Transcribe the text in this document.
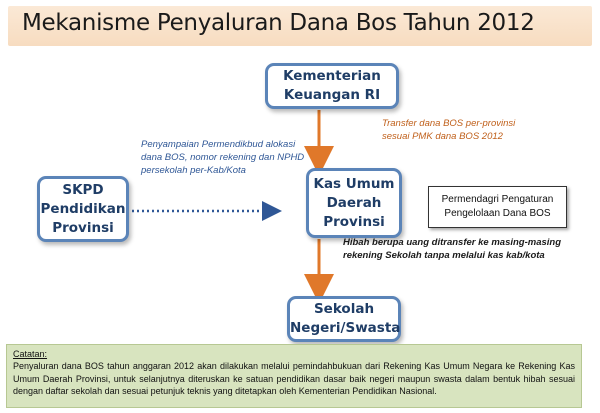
Mekanisme Penyaluran Dana Bos Tahun 2012
Kementerian
Keuangan RI
Kas Umum
Daerah
Provinsi
SKPD
Pendidikan
Provinsi
Sekolah
Negeri/Swasta
Transfer dana BOS per-provinsi
sesuai PMK dana BOS 2012
Penyampaian Permendikbud alokasi
dana BOS, nomor rekening dan NPHD
persekolah per-Kab/Kota
Hibah berupa uang ditransfer ke masing-masing
rekening Sekolah tanpa melalui kas kab/kota
Permendagri Pengaturan
Pengelolaan Dana BOS
Catatan:
Penyaluran dana BOS tahun anggaran 2012 akan dilakukan melalui pemindahbukuan dari Rekening Kas Umum Negara ke Rekening Kas Umum Daerah Provinsi, untuk selanjutnya diteruskan ke satuan pendidikan dasar baik negeri maupun swasta dalam bentuk hibah sesuai dengan daftar sekolah dan sesuai petunjuk teknis yang ditetapkan oleh Kementerian Pendidikan Nasional.
